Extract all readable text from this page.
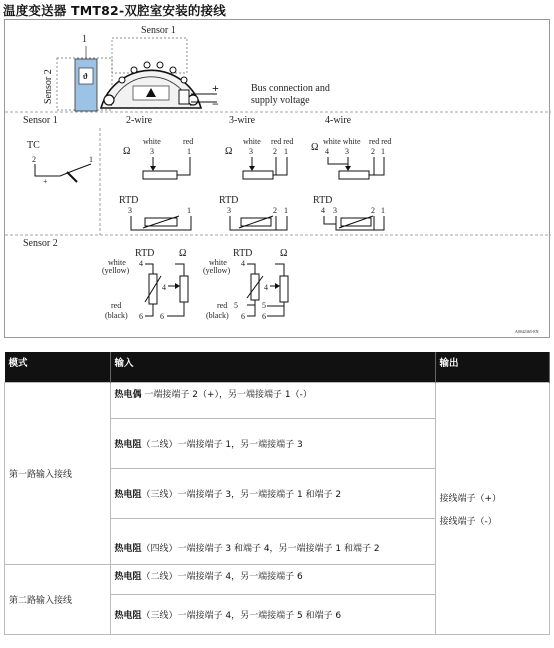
温度变送器 TMT82-双腔室安装的接线
Sensor 2	ϑ
1
Sensor 1
+
−
Bus connection and
supply voltage
Sensor 1	2-wire	3-wire	4-wire
TC
2	1
+
Ω
white	red
3	1
RTD
3	1
Ω
white red red
3	2 1
RTD
3	2 1
Ω
white white red red
4 3	2 1
RTD
4 3	2 1
Sensor 2
RTD Ω
white
(yellow)
4
4
red
(black) 6 6
RTD	Ω
white
(yellow)
4
4
red
(black)
5	5
6 6
A0042365-EN
模式	输入	输出
第一路输入接线	热电偶 一端接端子 2（+），另一端接端子 1（-）	接线端子（+）
接线端子（-）

	热电阻（二线）一端接端子 1，另一端接端子 3	

	热电阻（三线）一端接端子 3，另一端接端子 1 和端子 2	

	热电阻（四线）一端接端子 3 和端子 4，另一端接端子 1 和端子 2	

第二路输入接线	热电阻（二线）一端接端子 4，另一端接端子 6	

	热电阻（三线）一端接端子 4，另一端接端子 5 和端子 6	
